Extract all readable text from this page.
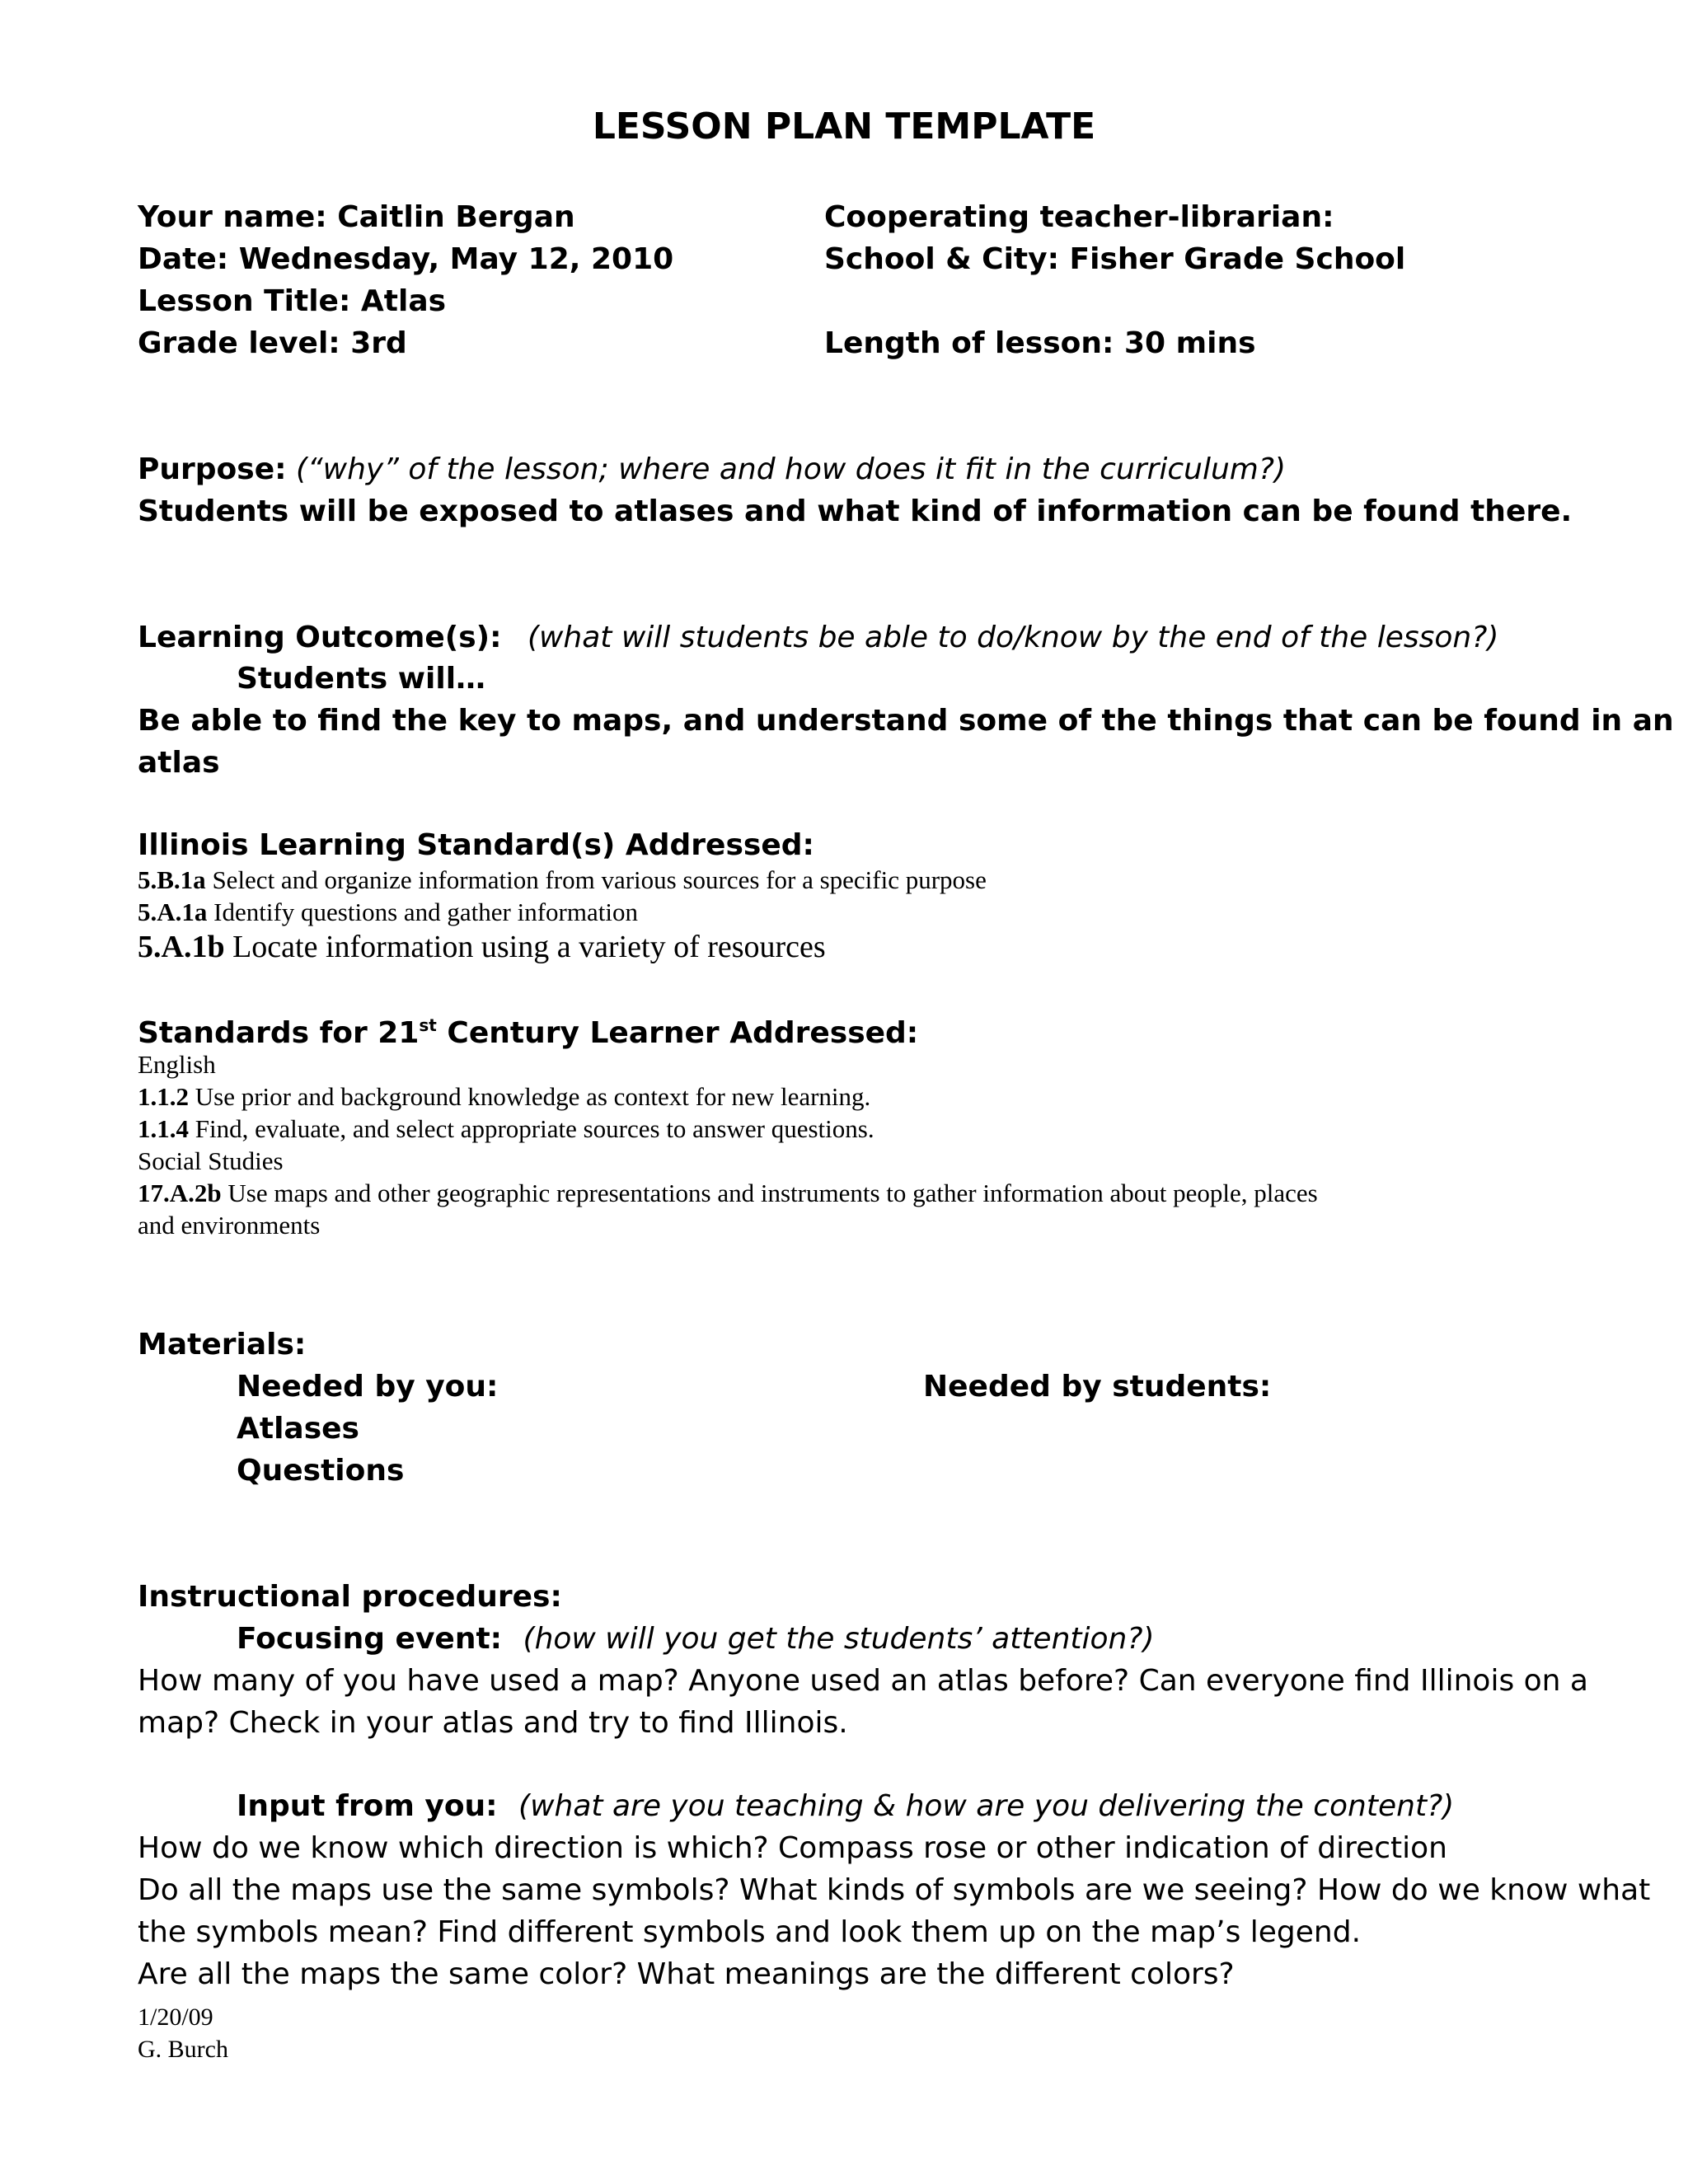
LESSON PLAN TEMPLATE
Your name: Caitlin Bergan
Date: Wednesday, May 12, 2010
Lesson Title: Atlas
Grade level: 3rd
Cooperating teacher-librarian:
School & City: Fisher Grade School
Length of lesson: 30 mins
Purpose: (“why” of the lesson; where and how does it fit in the curriculum?)
Students will be exposed to atlases and what kind of information can be found there.
Learning Outcome(s): (what will students be able to do/know by the end of the lesson?)
Students will…
Be able to find the key to maps, and understand some of the things that can be found in an
atlas
Illinois Learning Standard(s) Addressed:
5.B.1a Select and organize information from various sources for a specific purpose
5.A.1a Identify questions and gather information
5.A.1b Locate information using a variety of resources
Standards for 21st Century Learner Addressed:
English
1.1.2 Use prior and background knowledge as context for new learning.
1.1.4 Find, evaluate, and select appropriate sources to answer questions.
Social Studies
17.A.2b Use maps and other geographic representations and instruments to gather information about people, places
and environments
Materials:
Needed by you:	Needed by students:
Atlases
Questions
Instructional procedures:
Focusing event: (how will you get the students’ attention?)
How many of you have used a map? Anyone used an atlas before? Can everyone find Illinois on a
map? Check in your atlas and try to find Illinois.
Input from you: (what are you teaching & how are you delivering the content?)
How do we know which direction is which? Compass rose or other indication of direction
Do all the maps use the same symbols? What kinds of symbols are we seeing? How do we know what
the symbols mean? Find different symbols and look them up on the map’s legend.
Are all the maps the same color? What meanings are the different colors?
1/20/09
G. Burch
